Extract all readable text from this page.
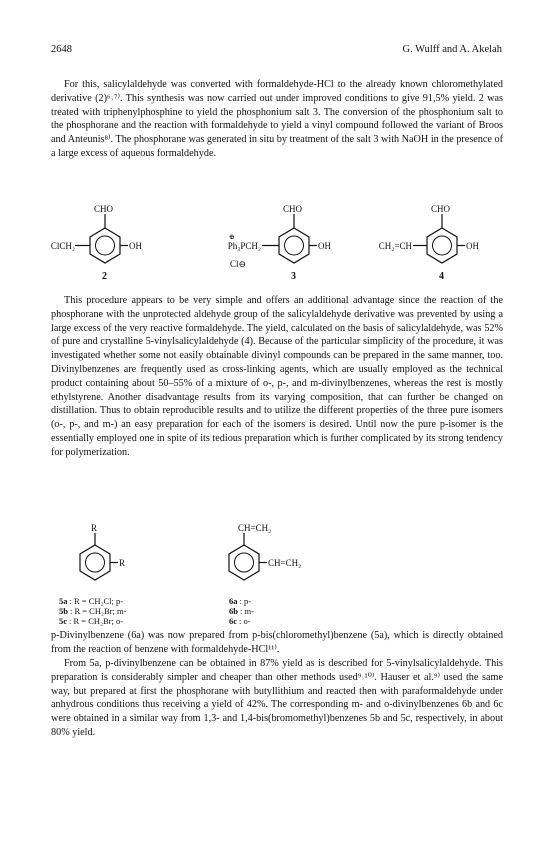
2648	G. Wulff and A. Akelah

For this, salicylaldehyde was converted with formaldehyde-HCl to the already known chloromethylated derivative (2)⁶˒⁷⁾. This synthesis was now carried out under improved conditions to give 91,5% yield. 2 was treated with triphenylphosphine to yield the phosphonium salt 3. The conversion of the phosphonium salt to the phosphorane and the reaction with formaldehyde to yield a vinyl compound followed the variant of Broos and Anteunis⁸⁾. The phosphorane was generated in situ by treatment of the salt 3 with NaOH in the presence of a large excess of aqueous formaldehyde.

CHO
ClCH₂	OH
2
CHO
⊕
Ph₃PCH₂	OH
Cl⊖
3
CHO
CH₂=CH	OH
4

This procedure appears to be very simple and offers an additional advantage since the reaction of the phosphorane with the unprotected aldehyde group of the salicylaldehyde derivative was prevented by using a large excess of the very reactive formaldehyde. The yield, calculated on the basis of salicylaldehyde, was 52% of pure and crystalline 5-vinylsalicylaldehyde (4). Because of the particular simplicity of the procedure, it was investigated whether some not easily obtainable divinyl compounds can be prepared in the same manner, too. Divinylbenzenes are frequently used as cross-linking agents, which are usually employed as the technical product containing about 50–55% of a mixture of o-, p-, and m-divinylbenzenes, whereas the rest is mostly ethylstyrene. Another disadvantage results from its varying composition, that can further be changed on distillation. Thus to obtain reproducible results and to utilize the different properties of the three pure isomers (o-, p-, and m-) an easy preparation for each of the isomers is desired. Until now the pure p-isomer is the essentially employed one in spite of its tedious preparation which is further complicated by its strong tendency for polymerization.

R
R
5a : R = CH₂Cl; p-
5b : R = CH₂Br; m-
5c : R = CH₂Br; o-
CH=CH₂
CH=CH₂
6a : p-
6b : m-
6c : o-

p-Divinylbenzene (6a) was now prepared from p-bis(chloromethyl)benzene (5a), which is directly obtained from the reaction of benzene with formaldehyde-HCl¹¹⁾.

From 5a, p-divinylbenzene can be obtained in 87% yield as is described for 5-vinylsalicylaldehyde. This preparation is considerably simpler and cheaper than other methods used⁹˒¹⁰⁾. Hauser et al.⁹⁾ used the same way, but prepared at first the phosphorane with butyllithium and reacted then with paraformaldehyde under anhydrous conditions thus receiving a yield of 42%. The corresponding m- and o-divinylbenzenes 6b and 6c were obtained in a similar way from 1,3- and 1,4-bis(bromomethyl)benzenes 5b and 5c, respectively, in about 80% yield.
